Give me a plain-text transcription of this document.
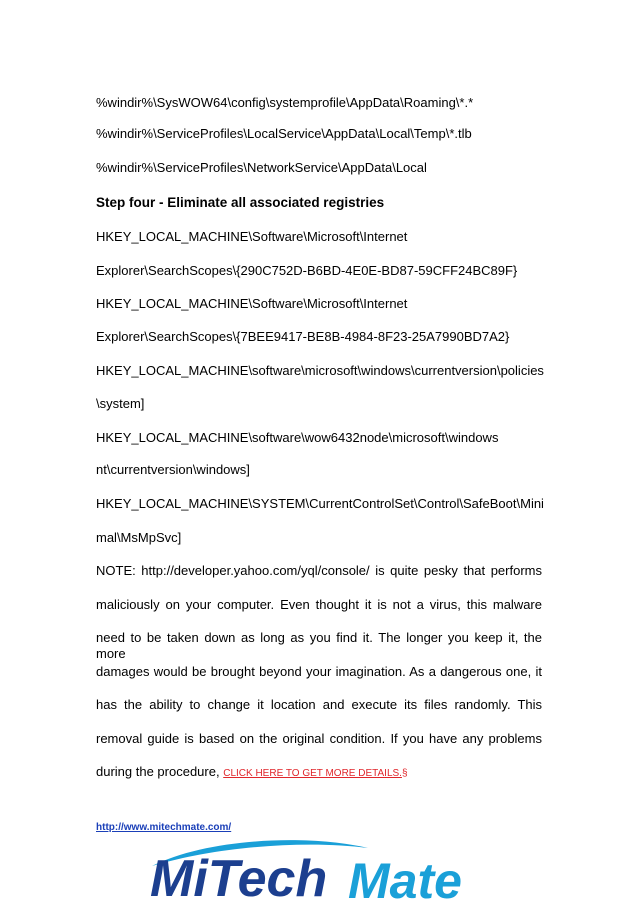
%windir%\SysWOW64\config\systemprofile\AppData\Roaming\*.*
%windir%\ServiceProfiles\LocalService\AppData\Local\Temp\*.tlb
%windir%\ServiceProfiles\NetworkService\AppData\Local
Step four - Eliminate all associated registries
HKEY_LOCAL_MACHINE\Software\Microsoft\Internet
Explorer\SearchScopes\{290C752D-B6BD-4E0E-BD87-59CFF24BC89F}
HKEY_LOCAL_MACHINE\Software\Microsoft\Internet
Explorer\SearchScopes\{7BEE9417-BE8B-4984-8F23-25A7990BD7A2}
HKEY_LOCAL_MACHINE\software\microsoft\windows\currentversion\policies
\system]
HKEY_LOCAL_MACHINE\software\wow6432node\microsoft\windows
nt\currentversion\windows]
HKEY_LOCAL_MACHINE\SYSTEM\CurrentControlSet\Control\SafeBoot\Mini
mal\MsMpSvc]
NOTE: http://developer.yahoo.com/yql/console/ is quite pesky that performs
maliciously on your computer. Even thought it is not a virus, this malware
need to be taken down as long as you find it. The longer you keep it, the more
damages would be brought beyond your imagination. As a dangerous one, it
has the ability to change it location and execute its files randomly. This
removal guide is based on the original condition. If you have any problems
during the procedure, CLICK HERE TO GET MORE DETAILS.§
http://www.mitechmate.com/
MiTech Mate
